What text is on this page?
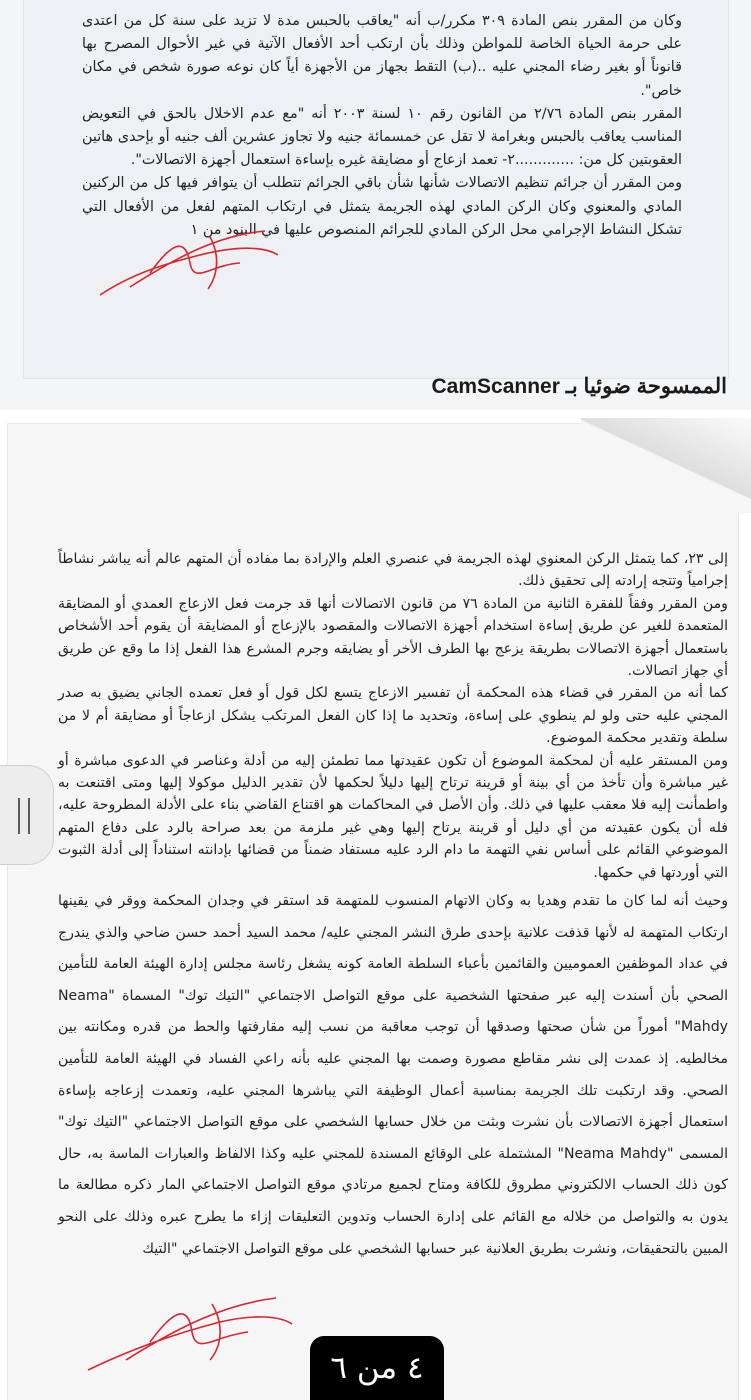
وكان من المقرر بنص المادة ٣٠٩ مكرر/ب أنه "يعاقب بالحبس مدة لا تزيد على سنة كل من اعتدى على حرمة الحياة الخاصة للمواطن وذلك بأن ارتكب أحد الأفعال الآتية في غير الأحوال المصرح بها قانوناً أو بغير رضاء المجني عليه ..(ب) التقط بجهاز من الأجهزة أياً كان نوعه صورة شخص في مكان خاص".

المقرر بنص المادة ٢/٧٦ من القانون رقم ١٠ لسنة ٢٠٠٣ أنه "مع عدم الاخلال بالحق في التعويض المناسب يعاقب بالحبس وبغرامة لا تقل عن خمسمائة جنيه ولا تجاوز عشرين ألف جنيه أو بإحدى هاتين العقوبتين كل من: .............٢- تعمد ازعاج أو مضايقة غيره بإساءة استعمال أجهزة الاتصالات".

ومن المقرر أن جرائم تنظيم الاتصالات شأنها شأن باقي الجرائم تتطلب أن يتوافر فيها كل من الركنين المادي والمعنوي وكان الركن المادي لهذه الجريمة يتمثل في ارتكاب المتهم لفعل من الأفعال التي تشكل النشاط الإجرامي محل الركن المادي للجرائم المنصوص عليها في البنود من ١

الممسوحة ضوئيا بـ CamScanner

إلى ٢٣، كما يتمثل الركن المعنوي لهذه الجريمة في عنصري العلم والإرادة بما مفاده أن المتهم عالم أنه يباشر نشاطاً إجرامياً وتتجه إرادته إلى تحقيق ذلك.

ومن المقرر وفقاً للفقرة الثانية من المادة ٧٦ من قانون الاتصالات أنها قد جرمت فعل الازعاج العمدي أو المضايقة المتعمدة للغير عن طريق إساءة استخدام أجهزة الاتصالات والمقصود بالإزعاج أو المضايقة أن يقوم أحد الأشخاص باستعمال أجهزة الاتصالات بطريقة يزعج بها الطرف الأخر أو يضايقه وجرم المشرع هذا الفعل إذا ما وقع عن طريق أي جهاز اتصالات.

كما أنه من المقرر في قضاء هذه المحكمة أن تفسير الازعاج يتسع لكل قول أو فعل تعمده الجاني يضيق به صدر المجني عليه حتى ولو لم ينطوي على إساءة، وتحديد ما إذا كان الفعل المرتكب يشكل ازعاجاً أو مضايقة أم لا من سلطة وتقدير محكمة الموضوع.

ومن المستقر عليه أن لمحكمة الموضوع أن تكون عقيدتها مما تطمئن إليه من أدلة وعناصر في الدعوى مباشرة أو غير مباشرة وأن تأخذ من أي بينة أو قرينة ترتاح إليها دليلاً لحكمها لأن تقدير الدليل موكولا إليها ومتى اقتنعت به واطمأنت إليه فلا معقب عليها في ذلك. وأن الأصل في المحاكمات هو اقتناع القاضي بناء على الأدلة المطروحة عليه، فله أن يكون عقيدته من أي دليل أو قرينة يرتاح إليها وهي غير ملزمة من بعد صراحة بالرد على دفاع المتهم الموضوعي القائم على أساس نفي التهمة ما دام الرد عليه مستفاد ضمناً من قضائها بإدانته استناداً إلى أدلة الثبوت التي أوردتها في حكمها.

وحيث أنه لما كان ما تقدم وهديا به وكان الاتهام المنسوب للمتهمة قد استقر في وجدان المحكمة ووقر في يقينها ارتكاب المتهمة له لأنها قذفت علانية بإحدى طرق النشر المجني عليه/ محمد السيد أحمد حسن ضاحي والذي يندرج في عداد الموظفين العموميين والقائمين بأعباء السلطة العامة كونه يشغل رئاسة مجلس إدارة الهيئة العامة للتأمين الصحي بأن أسندت إليه عبر صفحتها الشخصية على موقع التواصل الاجتماعي "التيك توك" المسماة "Neama Mahdy" أموراً من شأن صحتها وصدقها أن توجب معاقبة من نسب إليه مقارفتها والحط من قدره ومكانته بين مخالطيه. إذ عمدت إلى نشر مقاطع مصورة وصمت بها المجني عليه بأنه راعي الفساد في الهيئة العامة للتأمين الصحي. وقد ارتكبت تلك الجريمة بمناسبة أعمال الوظيفة التي يباشرها المجني عليه، وتعمدت إزعاجه بإساءة استعمال أجهزة الاتصالات بأن نشرت وبثت من خلال حسابها الشخصي على موقع التواصل الاجتماعي "التيك توك" المسمى "Neama Mahdy" المشتملة على الوقائع المسندة للمجني عليه وكذا الالفاظ والعبارات الماسة به، حال كون ذلك الحساب الالكتروني مطروق للكافة ومتاح لجميع مرتادي موقع التواصل الاجتماعي المار ذكره مطالعة ما يدون به والتواصل من خلاله مع القائم على إدارة الحساب وتدوين التعليقات إزاء ما يطرح عبره وذلك على النحو المبين بالتحقيقات، ونشرت بطريق العلانية عبر حسابها الشخصي على موقع التواصل الاجتماعي "التيك

٤ من ٦
